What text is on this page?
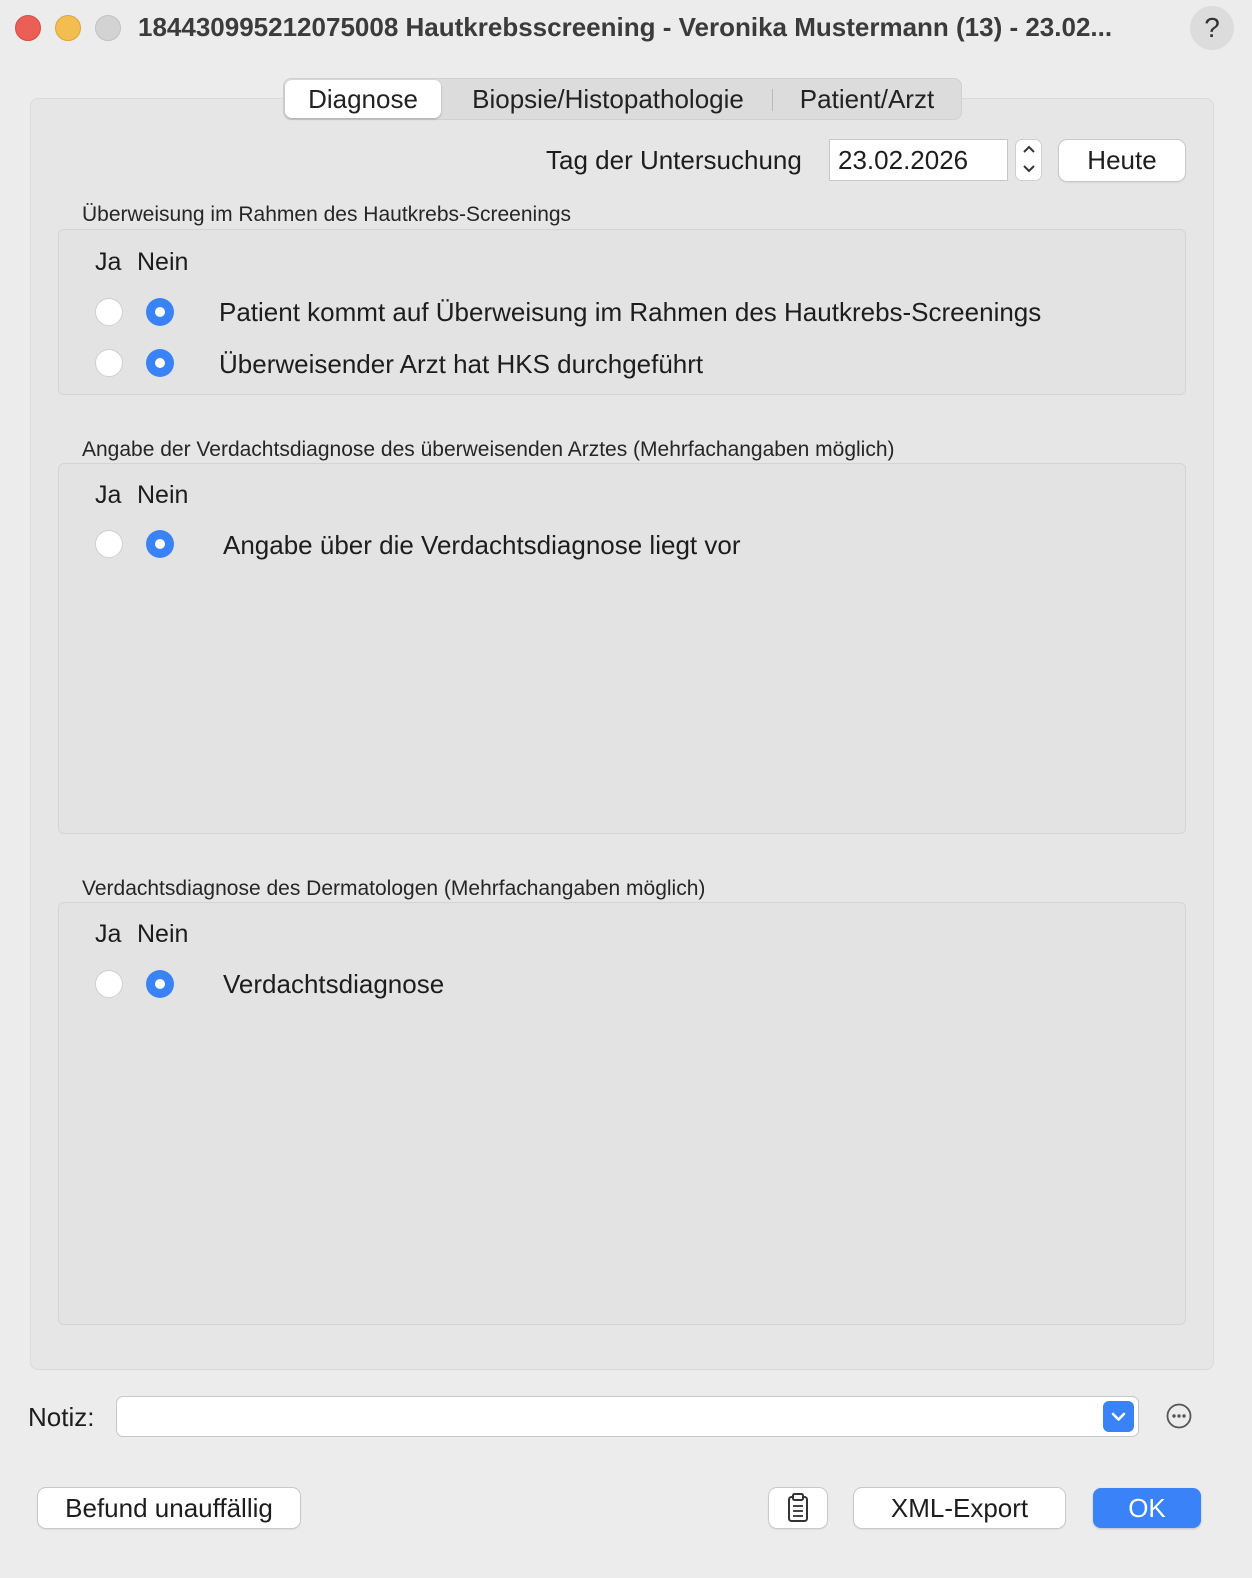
184430995212075008 Hautkrebsscreening - Veronika Mustermann (13) - 23.02...	?
Diagnose	Biopsie/Histopathologie	Patient/Arzt
Tag der Untersuchung	23.02.2026	Heute
Überweisung im Rahmen des Hautkrebs-Screenings
Ja Nein
Patient kommt auf Überweisung im Rahmen des Hautkrebs-Screenings
Überweisender Arzt hat HKS durchgeführt
Angabe der Verdachtsdiagnose des überweisenden Arztes (Mehrfachangaben möglich)
Ja Nein
Angabe über die Verdachtsdiagnose liegt vor
Verdachtsdiagnose des Dermatologen (Mehrfachangaben möglich)
Ja Nein
Verdachtsdiagnose
Notiz:
Befund unauffällig	XML-Export	OK
